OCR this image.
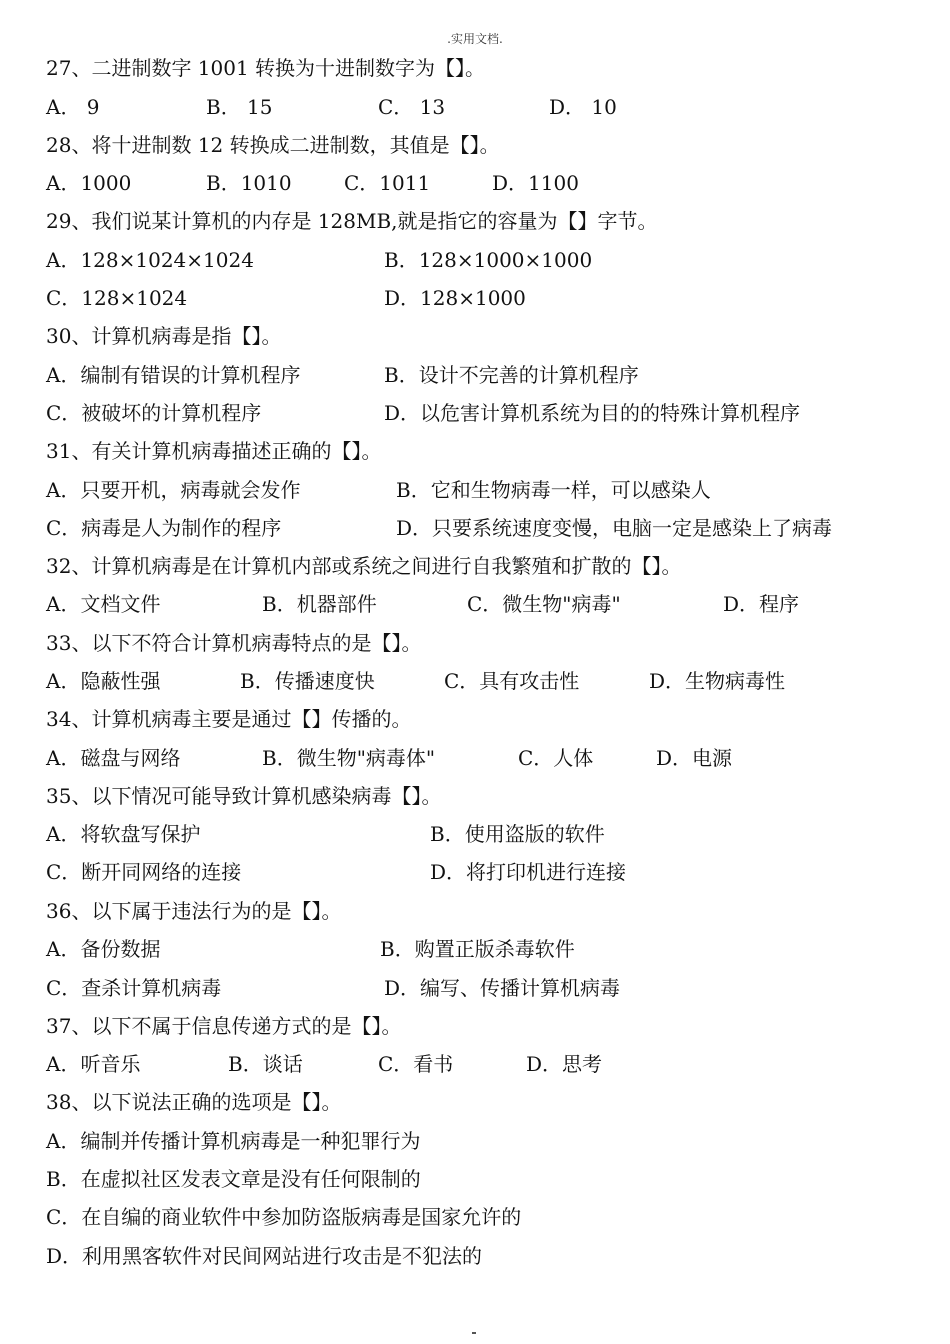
.实用文档.
27、二进制数字 1001 转换为十进制数字为【】。
A． 9	B． 15	C． 13	D． 10
28、将十进制数 12 转换成二进制数，其值是【】。
A．1000	B．1010	C．1011	D．1100
29、我们说某计算机的内存是 128MB,就是指它的容量为【】字节。
A．128×1024×1024	B．128×1000×1000
C．128×1024	D．128×1000
30、计算机病毒是指【】。
A．编制有错误的计算机程序	B．设计不完善的计算机程序
C．被破坏的计算机程序	D．以危害计算机系统为目的的特殊计算机程序
31、有关计算机病毒描述正确的【】。
A．只要开机，病毒就会发作	B．它和生物病毒一样，可以感染人
C．病毒是人为制作的程序	D．只要系统速度变慢，电脑一定是感染上了病毒
32、计算机病毒是在计算机内部或系统之间进行自我繁殖和扩散的【】。
A．文档文件	B．机器部件	C．微生物"病毒"	D．程序
33、以下不符合计算机病毒特点的是【】。
A．隐蔽性强	B．传播速度快	C．具有攻击性	D．生物病毒性
34、计算机病毒主要是通过【】传播的。
A．磁盘与网络	B．微生物"病毒体"	C．人体	D．电源
35、以下情况可能导致计算机感染病毒【】。
A．将软盘写保护	B．使用盗版的软件
C．断开同网络的连接	D．将打印机进行连接
36、以下属于违法行为的是【】。
A．备份数据	B．购置正版杀毒软件
C．查杀计算机病毒	D．编写、传播计算机病毒
37、以下不属于信息传递方式的是【】。
A．听音乐	B．谈话	C．看书	D．思考
38、以下说法正确的选项是【】。
A．编制并传播计算机病毒是一种犯罪行为
B．在虚拟社区发表文章是没有任何限制的
C．在自编的商业软件中参加防盗版病毒是国家允许的
D．利用黑客软件对民间网站进行攻击是不犯法的
